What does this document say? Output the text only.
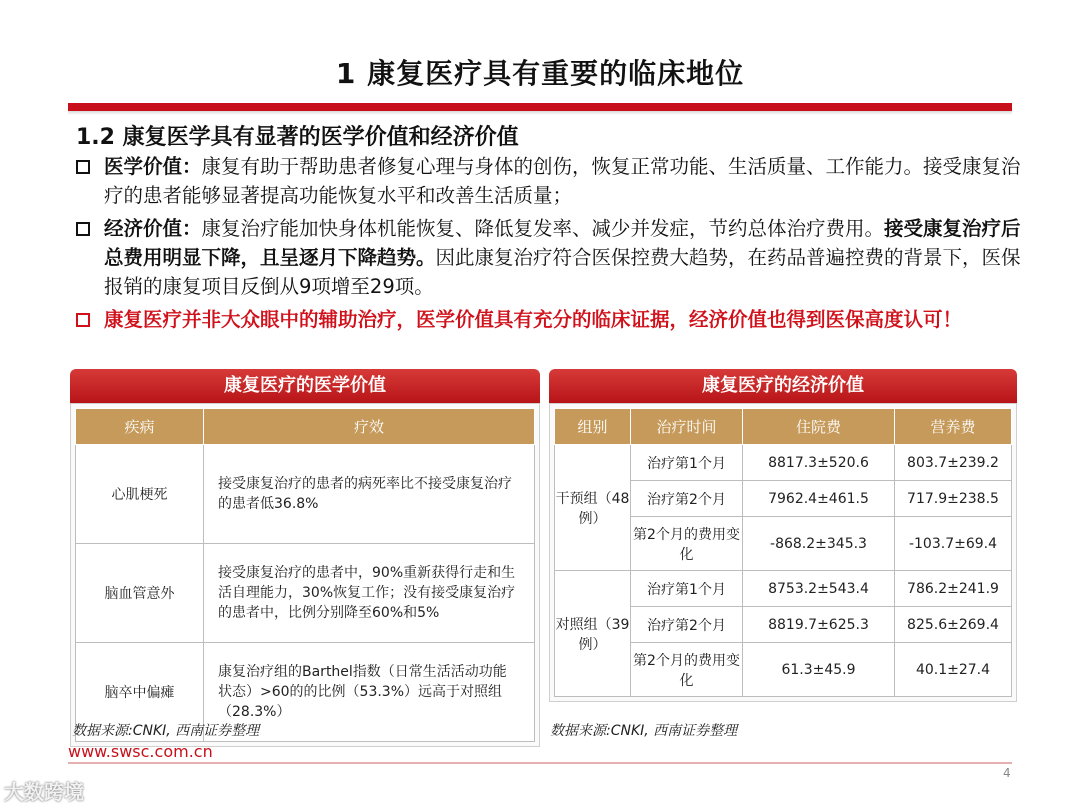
1 康复医疗具有重要的临床地位
1.2 康复医学具有显著的医学价值和经济价值
医学价值：康复有助于帮助患者修复心理与身体的创伤，恢复正常功能、生活质量、工作能力。接受康复治疗的患者能够显著提高功能恢复水平和改善生活质量；
经济价值：康复治疗能加快身体机能恢复、降低复发率、减少并发症，节约总体治疗费用。接受康复治疗后总费用明显下降，且呈逐月下降趋势。因此康复治疗符合医保控费大趋势，在药品普遍控费的背景下，医保报销的康复项目反倒从9项增至29项。
康复医疗并非大众眼中的辅助治疗，医学价值具有充分的临床证据，经济价值也得到医保高度认可！
康复医疗的医学价值
疾病	疗效
心肌梗死	接受康复治疗的患者的病死率比不接受康复治疗的患者低36.8%
脑血管意外	接受康复治疗的患者中，90%重新获得行走和生活自理能力，30%恢复工作；没有接受康复治疗的患者中，比例分别降至60%和5%
脑卒中偏瘫	康复治疗组的Barthel指数（日常生活活动功能状态）>60的的比例（53.3%）远高于对照组（28.3%）
康复医疗的经济价值
组别	治疗时间	住院费	营养费
干预组（48例）	治疗第1个月	8817.3±520.6	803.7±239.2
	治疗第2个月	7962.4±461.5	717.9±238.5
	第2个月的费用变化	-868.2±345.3	-103.7±69.4
对照组（39例）	治疗第1个月	8753.2±543.4	786.2±241.9
	治疗第2个月	8819.7±625.3	825.6±269.4
	第2个月的费用变化	61.3±45.9	40.1±27.4
数据来源:CNKI, 西南证券整理	数据来源:CNKI, 西南证券整理
www.swsc.com.cn
4
大数跨境
